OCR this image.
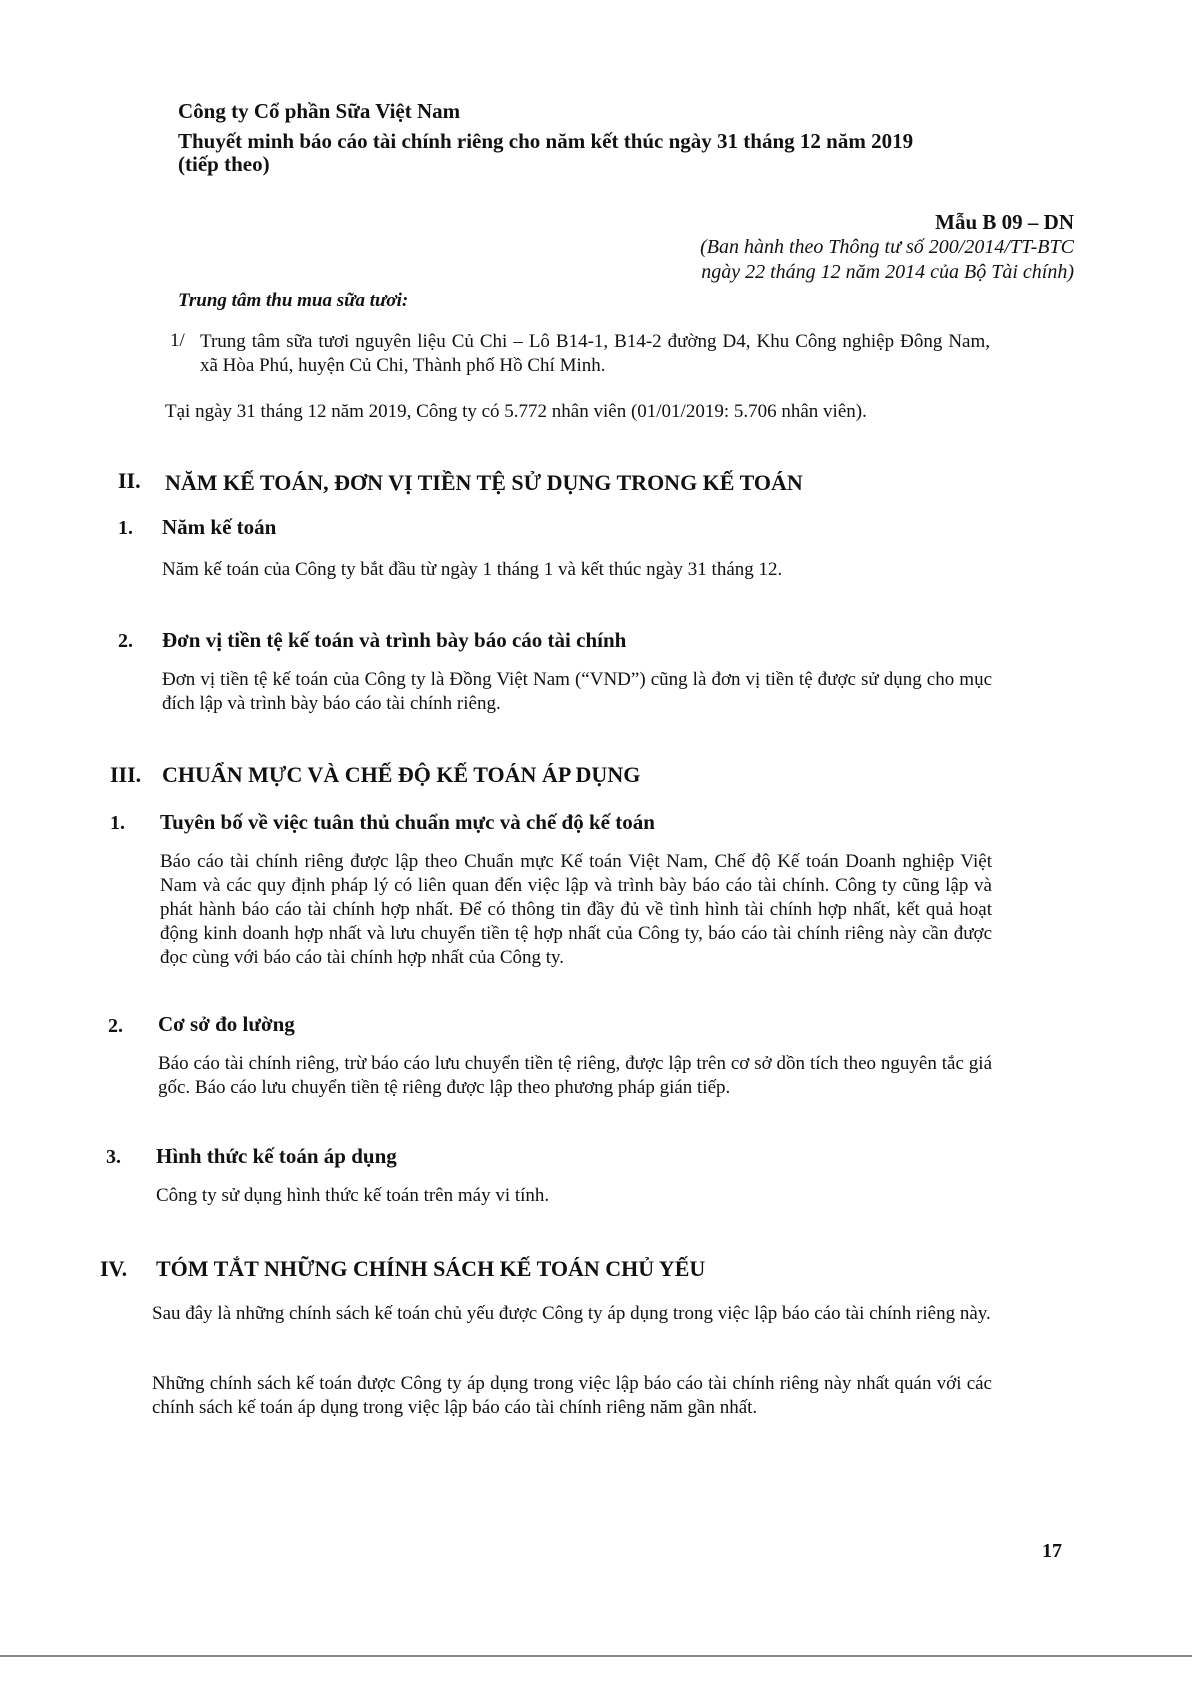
Công ty Cổ phần Sữa Việt Nam
Thuyết minh báo cáo tài chính riêng cho năm kết thúc ngày 31 tháng 12 năm 2019
(tiếp theo)
Mẫu B 09 – DN
(Ban hành theo Thông tư số 200/2014/TT-BTC
ngày 22 tháng 12 năm 2014 của Bộ Tài chính)
Trung tâm thu mua sữa tươi:
1/ Trung tâm sữa tươi nguyên liệu Củ Chi – Lô B14-1, B14-2 đường D4, Khu Công nghiệp Đông Nam, xã Hòa Phú, huyện Củ Chi, Thành phố Hồ Chí Minh.
Tại ngày 31 tháng 12 năm 2019, Công ty có 5.772 nhân viên (01/01/2019: 5.706 nhân viên).
II. NĂM KẾ TOÁN, ĐƠN VỊ TIỀN TỆ SỬ DỤNG TRONG KẾ TOÁN
1. Năm kế toán
Năm kế toán của Công ty bắt đầu từ ngày 1 tháng 1 và kết thúc ngày 31 tháng 12.
2. Đơn vị tiền tệ kế toán và trình bày báo cáo tài chính
Đơn vị tiền tệ kế toán của Công ty là Đồng Việt Nam (“VND”) cũng là đơn vị tiền tệ được sử dụng cho mục đích lập và trình bày báo cáo tài chính riêng.
III. CHUẨN MỰC VÀ CHẾ ĐỘ KẾ TOÁN ÁP DỤNG
1. Tuyên bố về việc tuân thủ chuẩn mực và chế độ kế toán
Báo cáo tài chính riêng được lập theo Chuẩn mực Kế toán Việt Nam, Chế độ Kế toán Doanh nghiệp Việt Nam và các quy định pháp lý có liên quan đến việc lập và trình bày báo cáo tài chính. Công ty cũng lập và phát hành báo cáo tài chính hợp nhất. Để có thông tin đầy đủ về tình hình tài chính hợp nhất, kết quả hoạt động kinh doanh hợp nhất và lưu chuyển tiền tệ hợp nhất của Công ty, báo cáo tài chính riêng này cần được đọc cùng với báo cáo tài chính hợp nhất của Công ty.
2. Cơ sở đo lường
Báo cáo tài chính riêng, trừ báo cáo lưu chuyển tiền tệ riêng, được lập trên cơ sở dồn tích theo nguyên tắc giá gốc. Báo cáo lưu chuyển tiền tệ riêng được lập theo phương pháp gián tiếp.
3. Hình thức kế toán áp dụng
Công ty sử dụng hình thức kế toán trên máy vi tính.
IV. TÓM TẮT NHỮNG CHÍNH SÁCH KẾ TOÁN CHỦ YẾU
Sau đây là những chính sách kế toán chủ yếu được Công ty áp dụng trong việc lập báo cáo tài chính riêng này.
Những chính sách kế toán được Công ty áp dụng trong việc lập báo cáo tài chính riêng này nhất quán với các chính sách kế toán áp dụng trong việc lập báo cáo tài chính riêng năm gần nhất.
17
